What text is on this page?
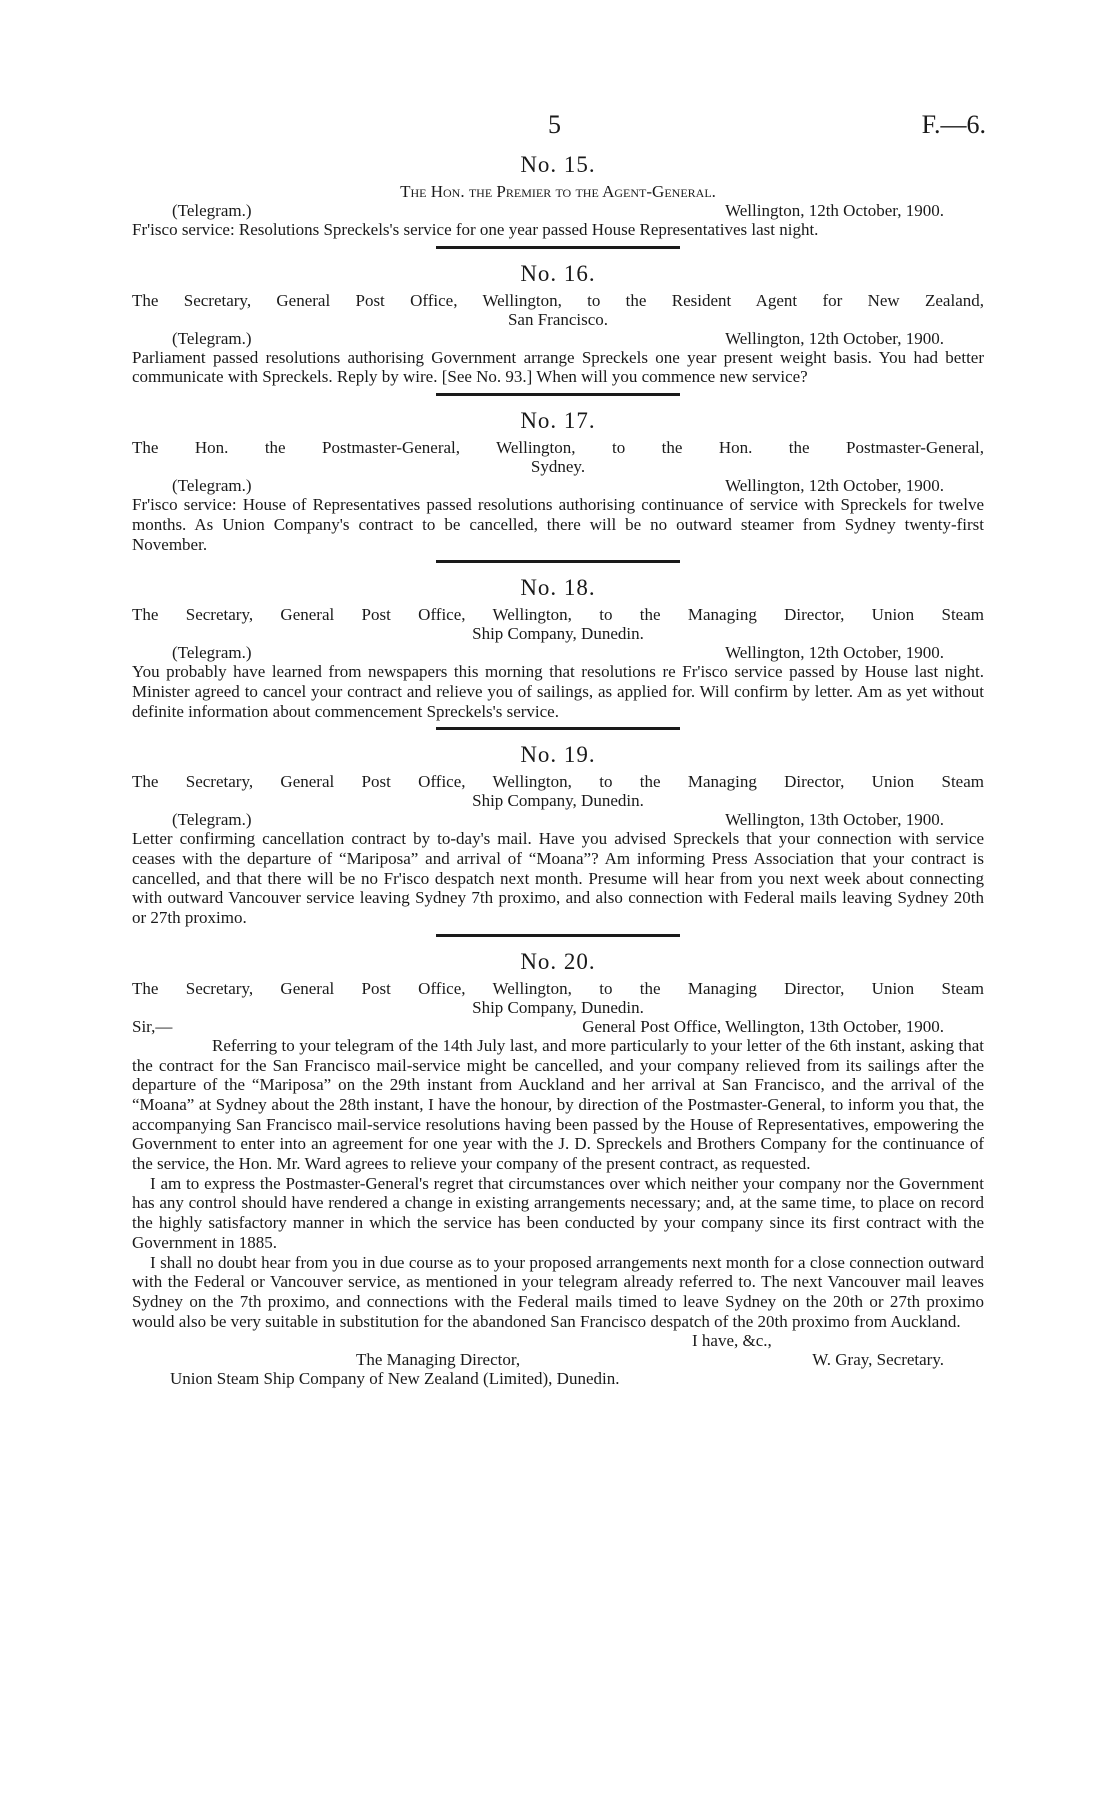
5	F.—6.
No. 15.
The Hon. the Premier to the Agent-General.
(Telegram.)	Wellington, 12th October, 1900.
Fr'isco service: Resolutions Spreckels's service for one year passed House Representatives last night.
No. 16.
The Secretary, General Post Office, Wellington, to the Resident Agent for New Zealand,
San Francisco.
(Telegram.)	Wellington, 12th October, 1900.
Parliament passed resolutions authorising Government arrange Spreckels one year present weight basis. You had better communicate with Spreckels. Reply by wire. [See No. 93.] When will you commence new service?
No. 17.
The Hon. the Postmaster-General, Wellington, to the Hon. the Postmaster-General,
Sydney.
(Telegram.)	Wellington, 12th October, 1900.
Fr'isco service: House of Representatives passed resolutions authorising continuance of service with Spreckels for twelve months. As Union Company's contract to be cancelled, there will be no outward steamer from Sydney twenty-first November.
No. 18.
The Secretary, General Post Office, Wellington, to the Managing Director, Union Steam
Ship Company, Dunedin.
(Telegram.)	Wellington, 12th October, 1900.
You probably have learned from newspapers this morning that resolutions re Fr'isco service passed by House last night. Minister agreed to cancel your contract and relieve you of sailings, as applied for. Will confirm by letter. Am as yet without definite information about commencement Spreckels's service.
No. 19.
The Secretary, General Post Office, Wellington, to the Managing Director, Union Steam
Ship Company, Dunedin.
(Telegram.)	Wellington, 13th October, 1900.
Letter confirming cancellation contract by to-day's mail. Have you advised Spreckels that your connection with service ceases with the departure of “Mariposa” and arrival of “Moana”? Am informing Press Association that your contract is cancelled, and that there will be no Fr'isco despatch next month. Presume will hear from you next week about connecting with outward Vancouver service leaving Sydney 7th proximo, and also connection with Federal mails leaving Sydney 20th or 27th proximo.
No. 20.
The Secretary, General Post Office, Wellington, to the Managing Director, Union Steam
Ship Company, Dunedin.
Sir,—	General Post Office, Wellington, 13th October, 1900.
Referring to your telegram of the 14th July last, and more particularly to your letter of the 6th instant, asking that the contract for the San Francisco mail-service might be cancelled, and your company relieved from its sailings after the departure of the “Mariposa” on the 29th instant from Auckland and her arrival at San Francisco, and the arrival of the “Moana” at Sydney about the 28th instant, I have the honour, by direction of the Postmaster-General, to inform you that, the accompanying San Francisco mail-service resolutions having been passed by the House of Representatives, empowering the Government to enter into an agreement for one year with the J. D. Spreckels and Brothers Company for the continuance of the service, the Hon. Mr. Ward agrees to relieve your company of the present contract, as requested.
I am to express the Postmaster-General's regret that circumstances over which neither your company nor the Government has any control should have rendered a change in existing arrangements necessary; and, at the same time, to place on record the highly satisfactory manner in which the service has been conducted by your company since its first contract with the Government in 1885.
I shall no doubt hear from you in due course as to your proposed arrangements next month for a close connection outward with the Federal or Vancouver service, as mentioned in your telegram already referred to. The next Vancouver mail leaves Sydney on the 7th proximo, and connections with the Federal mails timed to leave Sydney on the 20th or 27th proximo would also be very suitable in substitution for the abandoned San Francisco despatch of the 20th proximo from Auckland.
I have, &c.,
The Managing Director,	W. Gray, Secretary.
Union Steam Ship Company of New Zealand (Limited), Dunedin.
